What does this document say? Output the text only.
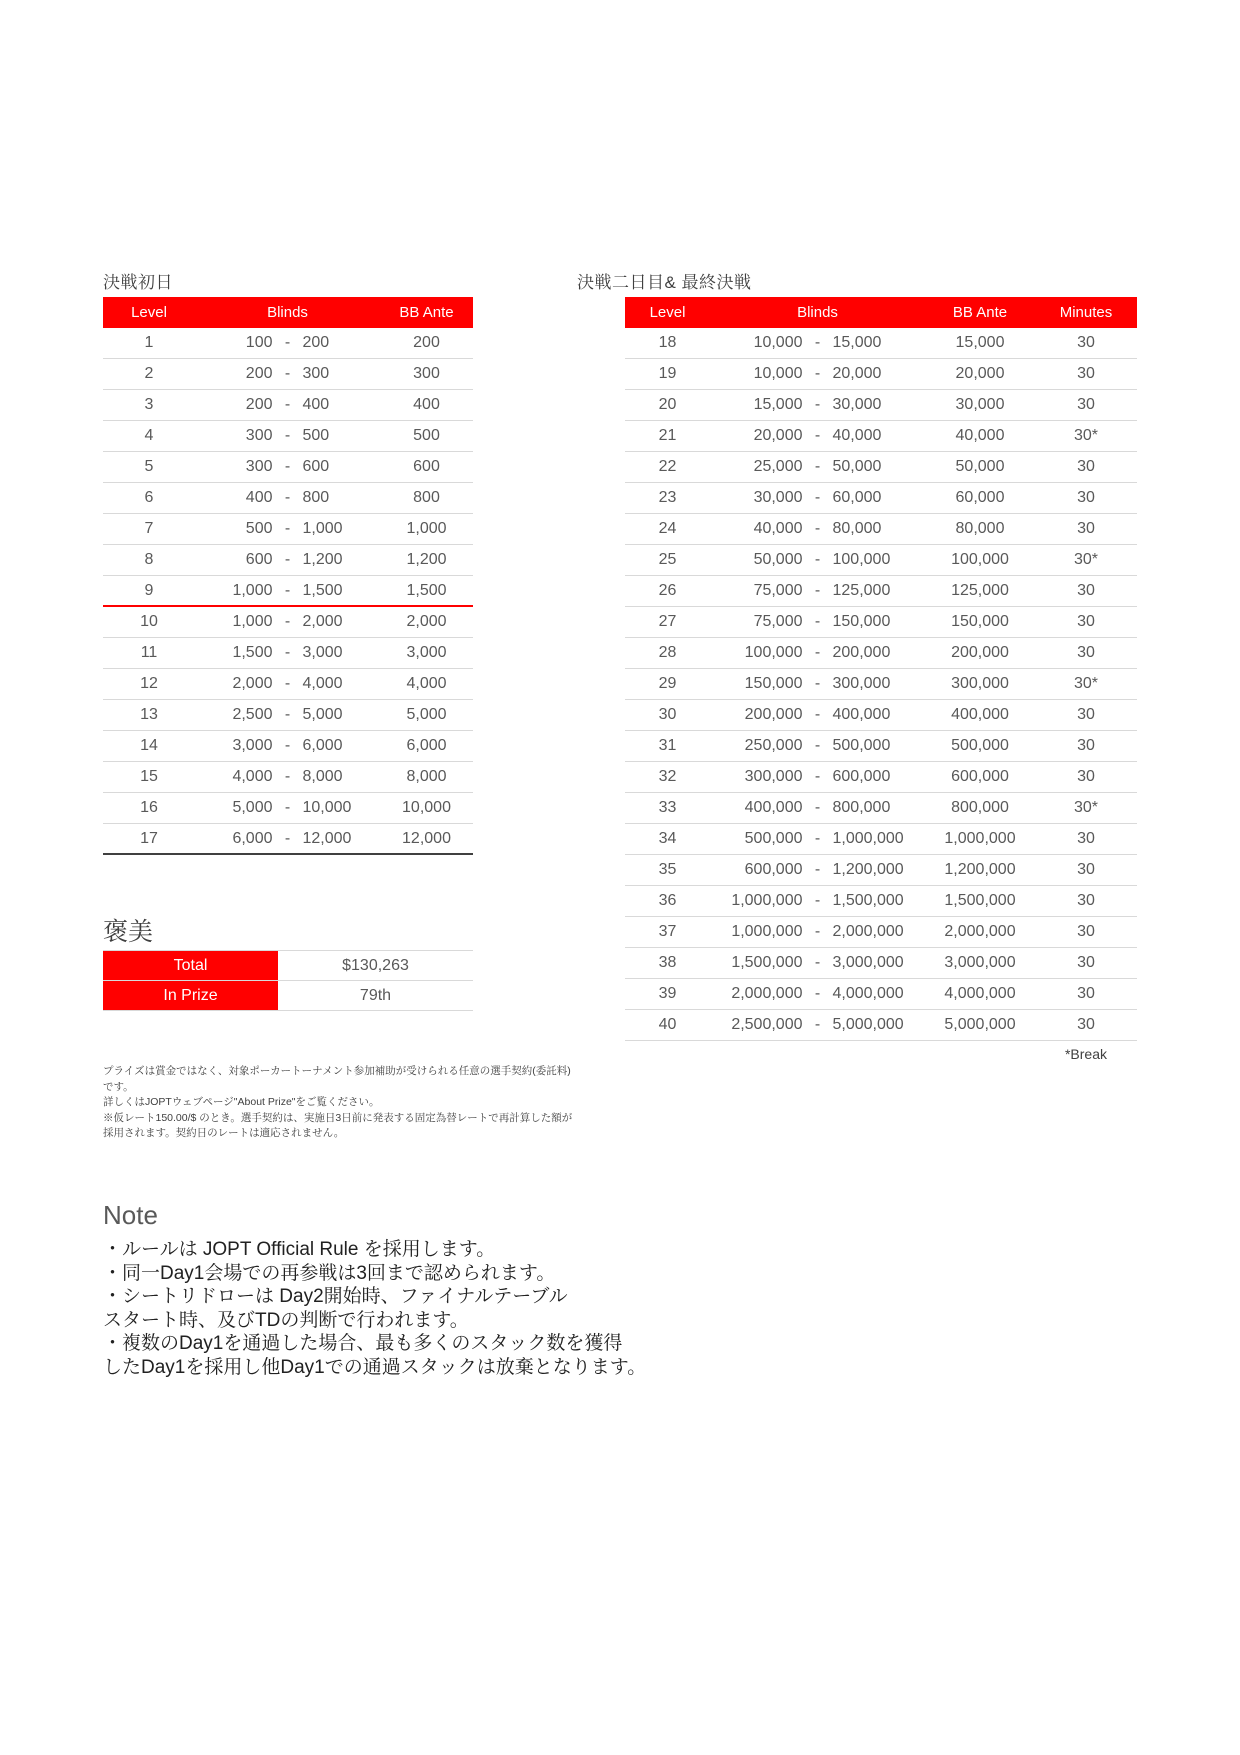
決戦初日
Level	Blinds	BB Ante
1	100 - 200	200
2	200 - 300	300
3	200 - 400	400
4	300 - 500	500
5	300 - 600	600
6	400 - 800	800
7	500 - 1,000	1,000
8	600 - 1,200	1,200
9	1,000 - 1,500	1,500
10	1,000 - 2,000	2,000
11	1,500 - 3,000	3,000
12	2,000 - 4,000	4,000
13	2,500 - 5,000	5,000
14	3,000 - 6,000	6,000
15	4,000 - 8,000	8,000
16	5,000 - 10,000	10,000
17	6,000 - 12,000	12,000
決戦二日目& 最終決戦
Level	Blinds	BB Ante	Minutes
18	10,000 - 15,000	15,000	30
19	10,000 - 20,000	20,000	30
20	15,000 - 30,000	30,000	30
21	20,000 - 40,000	40,000	30*
22	25,000 - 50,000	50,000	30
23	30,000 - 60,000	60,000	30
24	40,000 - 80,000	80,000	30
25	50,000 - 100,000	100,000	30*
26	75,000 - 125,000	125,000	30
27	75,000 - 150,000	150,000	30
28	100,000 - 200,000	200,000	30
29	150,000 - 300,000	300,000	30*
30	200,000 - 400,000	400,000	30
31	250,000 - 500,000	500,000	30
32	300,000 - 600,000	600,000	30
33	400,000 - 800,000	800,000	30*
34	500,000 - 1,000,000	1,000,000	30
35	600,000 - 1,200,000	1,200,000	30
36	1,000,000 - 1,500,000	1,500,000	30
37	1,000,000 - 2,000,000	2,000,000	30
38	1,500,000 - 3,000,000	3,000,000	30
39	2,000,000 - 4,000,000	4,000,000	30
40	2,500,000 - 5,000,000	5,000,000	30
*Break
褒美
Total	$130,263
In Prize	79th
プライズは賞金ではなく、対象ポーカートーナメント参加補助が受けられる任意の選手契約(委託料)
です。
詳しくはJOPTウェブページ"About Prize"をご覧ください。
※仮レート150.00/$ のとき。選手契約は、実施日3日前に発表する固定為替レートで再計算した額が
採用されます。契約日のレートは適応されません。
Note
・ルールは JOPT Official Rule を採用します。
・同一Day1会場での再参戦は3回まで認められます。
・シートリドローは Day2開始時、ファイナルテーブル
スタート時、及びTDの判断で行われます。
・複数のDay1を通過した場合、最も多くのスタック数を獲得
したDay1を採用し他Day1での通過スタックは放棄となります。
